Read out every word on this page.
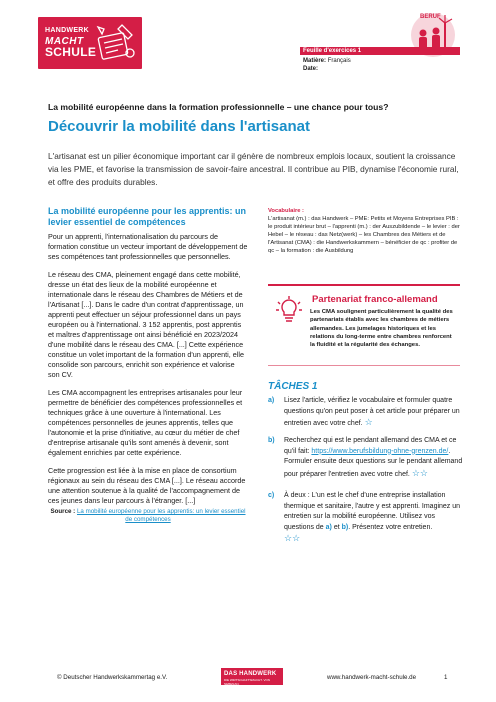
HANDWERK
MACHT
SCHULE
BERUF
Feuille d'exercices 1
Matière: Français
Date:
La mobilité européenne dans la formation professionnelle – une chance pour tous?
Découvrir la mobilité dans l'artisanat
L'artisanat est un pilier économique important car il génère de nombreux emplois locaux, soutient la croissance via les PME, et favorise la transmission de savoir-faire ancestral. Il contribue au PIB, dynamise l'économie rural, et offre des produits durables.
La mobilité européenne pour les apprentis: un levier essentiel de compétences

Pour un apprenti, l'internationalisation du parcours de formation constitue un vecteur important de développement de ses compétences tant professionnelles que personnelles.

Le réseau des CMA, pleinement engagé dans cette mobilité, dresse un état des lieux de la mobilité européenne et internationale dans le réseau des Chambres de Métiers et de l'Artisanat [...]. Dans le cadre d'un contrat d'apprentissage, un apprenti peut effectuer un séjour professionnel dans un pays européen ou à l'international. 3 152 apprentis, post apprentis et maîtres d'apprentissage ont ainsi bénéficié en 2023/2024 d'une mobilité dans le réseau des CMA. [...] Cette expérience constitue un volet important de la formation d'un apprenti, elle consolide son parcours, enrichit son expérience et valorise son CV.

Les CMA accompagnent les entreprises artisanales pour leur permettre de bénéficier des compétences professionnelles et techniques grâce à une ouverture à l'international. Les compétences personnelles de jeunes apprentis, telles que l'autonomie et la prise d'initiative, au cœur du métier de chef d'entreprise artisanale qu'ils sont amenés à devenir, sont également enrichies par cette expérience.

Cette progression est liée à la mise en place de consortium régionaux au sein du réseau des CMA [...]. Le réseau accorde une attention soutenue à la qualité de l'accompagnement de ces jeunes dans leur parcours à l'étranger. [...]

Source : La mobilité européenne pour les apprentis: un levier essentiel de compétences
Vocabulaire :
L'artisanat (m.) : das Handwerk – PME: Petits et Moyens Entreprises PIB : le produit intérieur brut – l'apprenti (m.) : der Auszubildende – le levier : der Hebel – le réseau : das Netz(werk) – les Chambres des Métiers et de l'Artisanat (CMA) : die Handwerkskammern – bénéficier de qc : profiter de qc – la formation : die Ausbildung
Partenariat franco-allemand
Les CMA soulignent particulièrement la qualité des partenariats établis avec les chambres de métiers allemandes. Les jumelages historiques et les relations du long-terme entre chambres renforcent la fluidité et la régularité des échanges.
TÂCHES 1
a) Lisez l'article, vérifiez le vocabulaire et formuler quatre questions qu'on peut poser à cet article pour préparer un entretien avec votre chef. ☆
b) Recherchez qui est le pendant allemand des CMA et ce qu'il fait: https://www.berufsbildung-ohne-grenzen.de/. Formuler ensuite deux questions sur le pendant allemand pour préparer l'entretien avec votre chef. ☆☆
c) À deux : L'un est le chef d'une entreprise installation thermique et sanitaire, l'autre y est apprenti. Imaginez un entretien sur la mobilité européenne. Utilisez vos questions de a) et b). Présentez votre entretien.
☆☆
© Deutscher Handwerkskammertag e.V.	DAS HANDWERK
DIE WIRTSCHAFTSMACHT. VON NEBENAN.
www.handwerk-macht-schule.de	1
